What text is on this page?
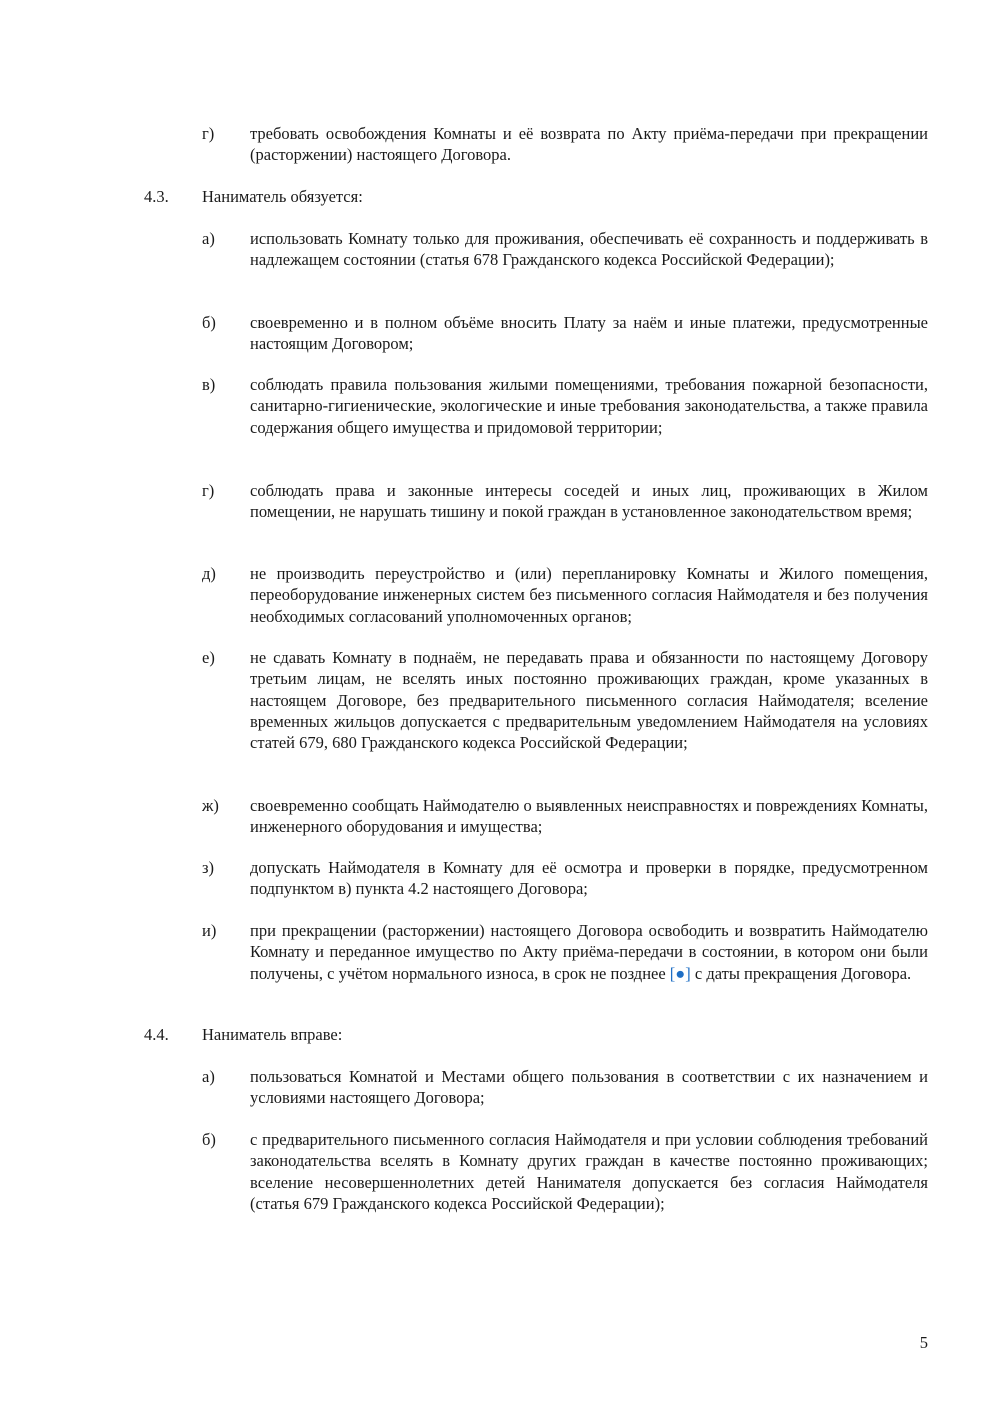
г) требовать освобождения Комнаты и её возврата по Акту приёма-передачи при прекращении (расторжении) настоящего Договора.
4.3. Наниматель обязуется:
а) использовать Комнату только для проживания, обеспечивать её сохранность и поддерживать в надлежащем состоянии (статья 678 Гражданского кодекса Российской Федерации);
б) своевременно и в полном объёме вносить Плату за наём и иные платежи, предусмотренные настоящим Договором;
в) соблюдать правила пользования жилыми помещениями, требования пожарной безопасности, санитарно-гигиенические, экологические и иные требования законодательства, а также правила содержания общего имущества и придомовой территории;
г) соблюдать права и законные интересы соседей и иных лиц, проживающих в Жилом помещении, не нарушать тишину и покой граждан в установленное законодательством время;
д) не производить переустройство и (или) перепланировку Комнаты и Жилого помещения, переоборудование инженерных систем без письменного согласия Наймодателя и без получения необходимых согласований уполномоченных органов;
е) не сдавать Комнату в поднаём, не передавать права и обязанности по настоящему Договору третьим лицам, не вселять иных постоянно проживающих граждан, кроме указанных в настоящем Договоре, без предварительного письменного согласия Наймодателя; вселение временных жильцов допускается с предварительным уведомлением Наймодателя на условиях статей 679, 680 Гражданского кодекса Российской Федерации;
ж) своевременно сообщать Наймодателю о выявленных неисправностях и повреждениях Комнаты, инженерного оборудования и имущества;
з) допускать Наймодателя в Комнату для её осмотра и проверки в порядке, предусмотренном подпунктом в) пункта 4.2 настоящего Договора;
и) при прекращении (расторжении) настоящего Договора освободить и возвратить Наймодателю Комнату и переданное имущество по Акту приёма-передачи в состоянии, в котором они были получены, с учётом нормального износа, в срок не позднее [●] с даты прекращения Договора.
4.4. Наниматель вправе:
а) пользоваться Комнатой и Местами общего пользования в соответствии с их назначением и условиями настоящего Договора;
б) с предварительного письменного согласия Наймодателя и при условии соблюдения требований законодательства вселять в Комнату других граждан в качестве постоянно проживающих; вселение несовершеннолетних детей Нанимателя допускается без согласия Наймодателя (статья 679 Гражданского кодекса Российской Федерации);
5
